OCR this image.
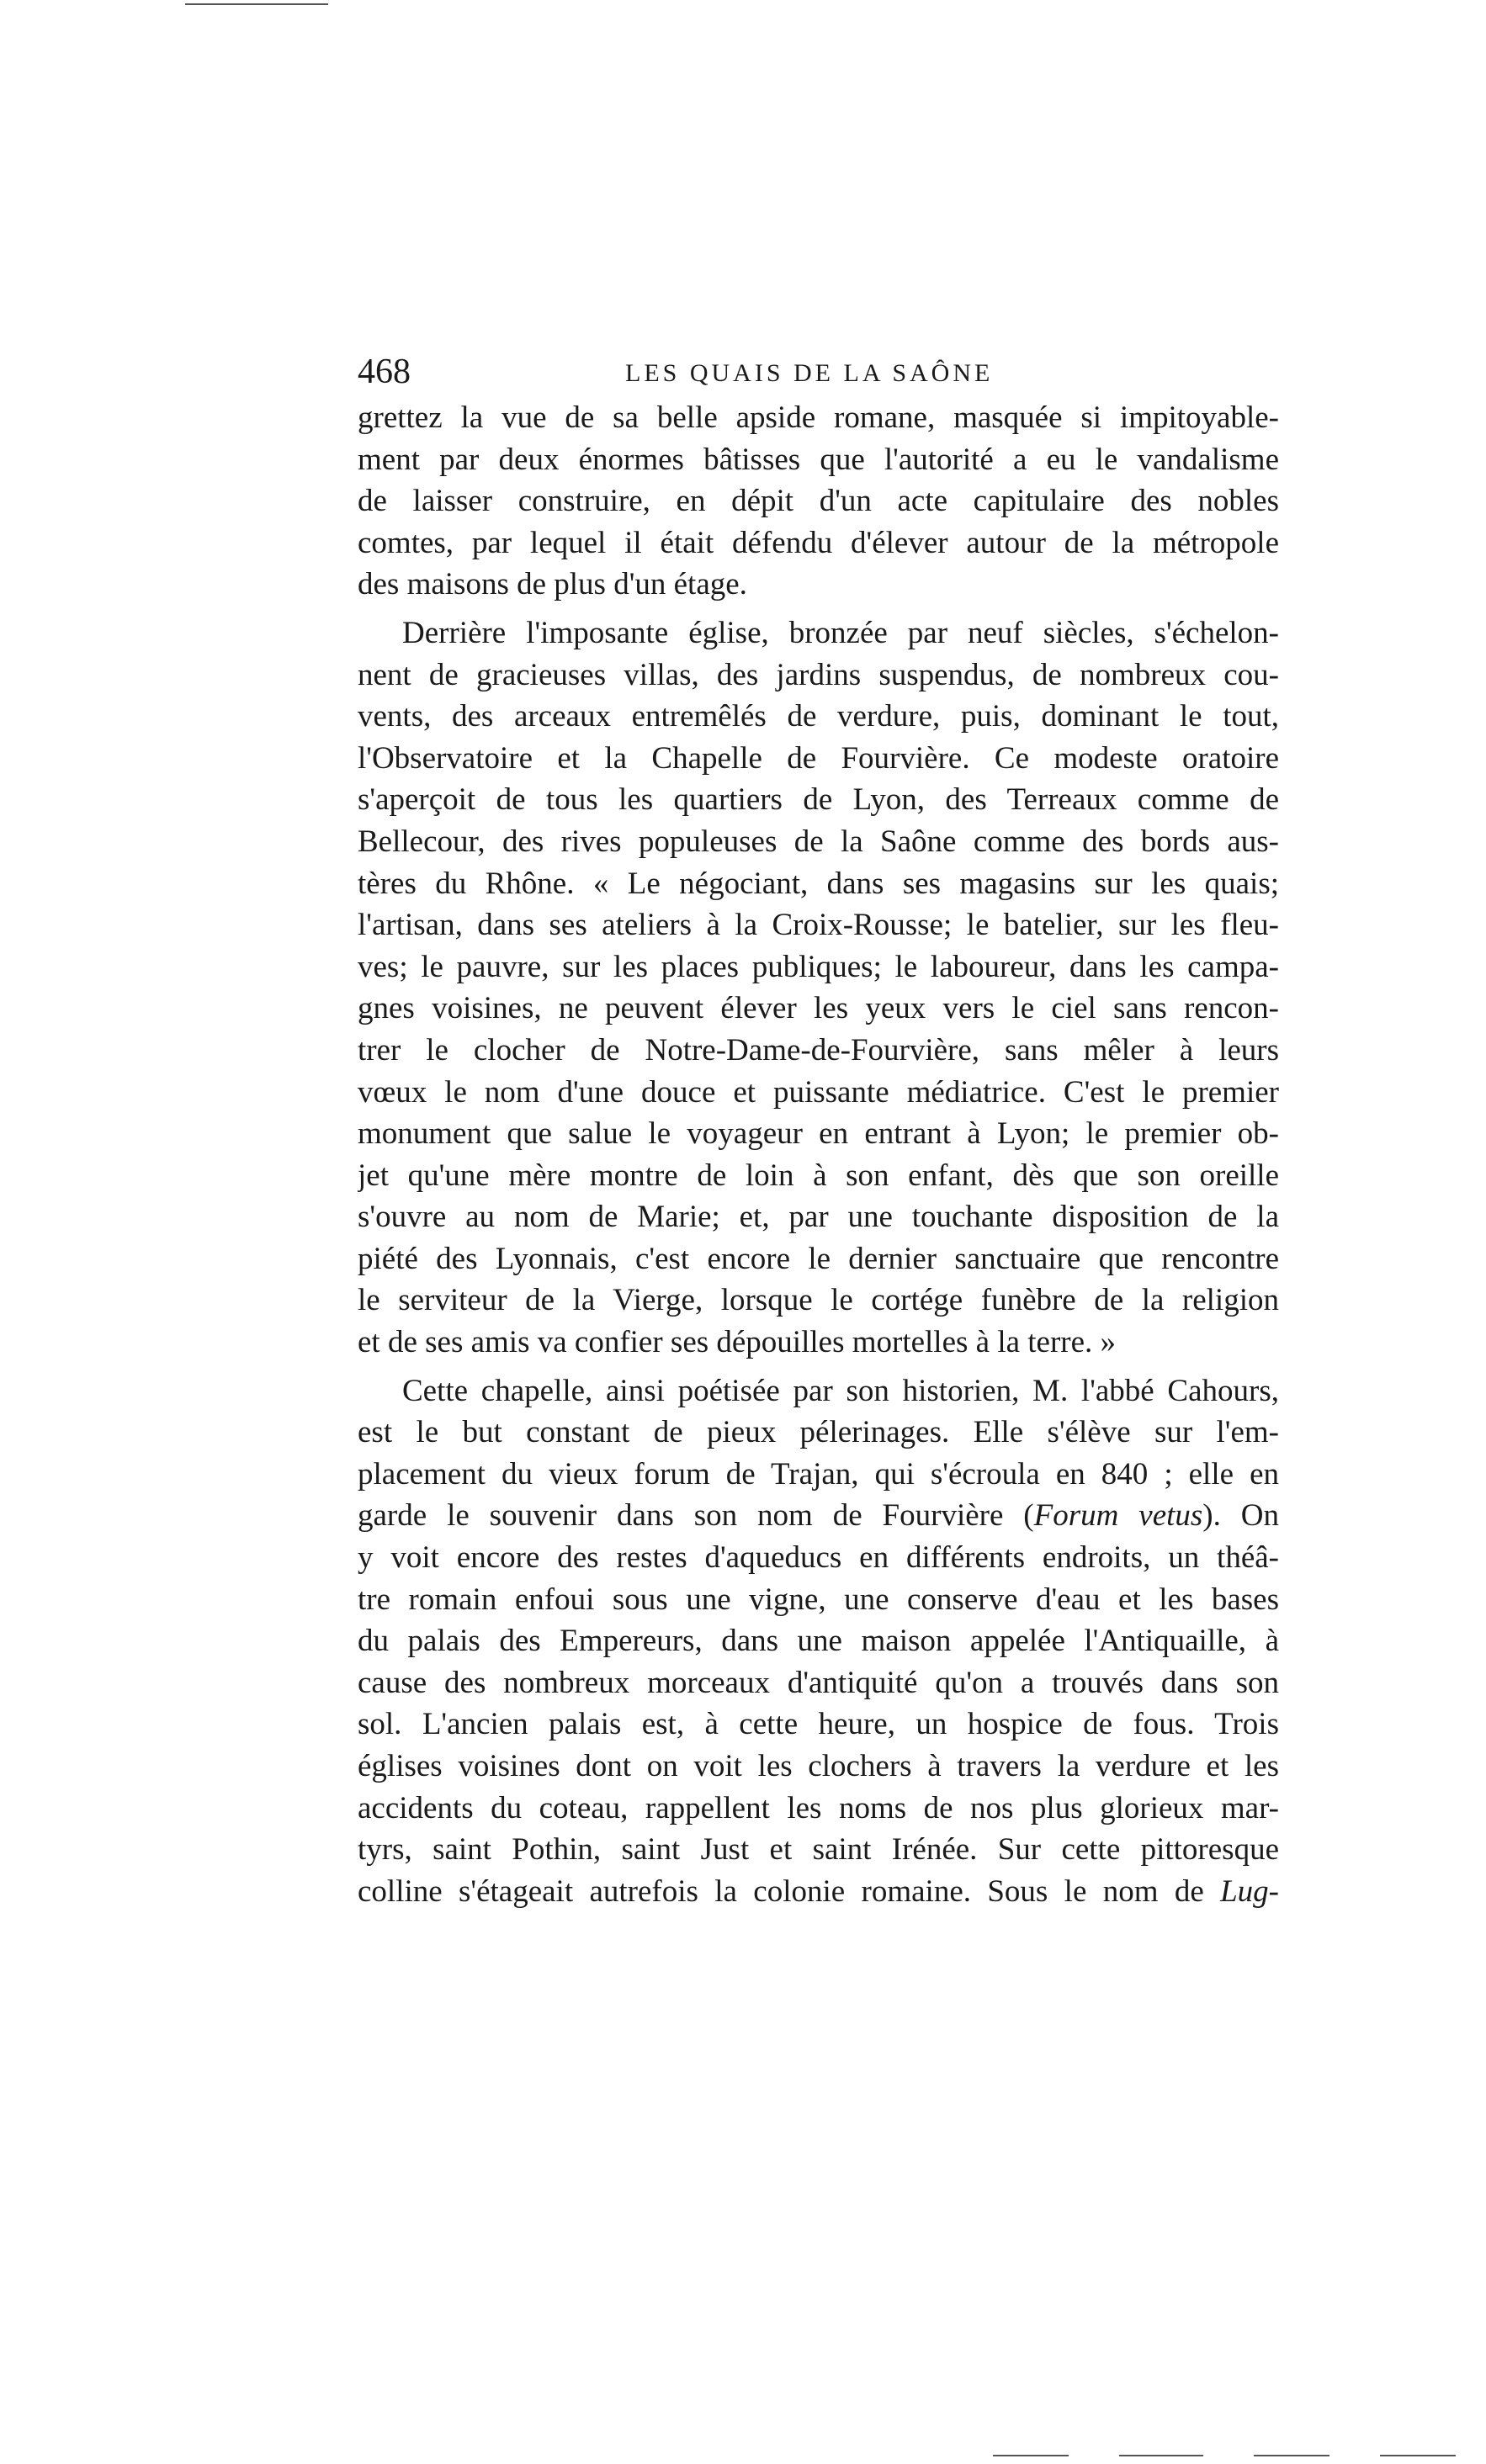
468	LES QUAIS DE LA SAÔNE
grettez la vue de sa belle apside romane, masquée si impitoyable-
ment par deux énormes bâtisses que l'autorité a eu le vandalisme
de laisser construire, en dépit d'un acte capitulaire des nobles
comtes, par lequel il était défendu d'élever autour de la métropole
des maisons de plus d'un étage.
Derrière l'imposante église, bronzée par neuf siècles, s'échelon-
nent de gracieuses villas, des jardins suspendus, de nombreux cou-
vents, des arceaux entremêlés de verdure, puis, dominant le tout,
l'Observatoire et la Chapelle de Fourvière. Ce modeste oratoire
s'aperçoit de tous les quartiers de Lyon, des Terreaux comme de
Bellecour, des rives populeuses de la Saône comme des bords aus-
tères du Rhône. « Le négociant, dans ses magasins sur les quais;
l'artisan, dans ses ateliers à la Croix-Rousse; le batelier, sur les fleu-
ves; le pauvre, sur les places publiques; le laboureur, dans les campa-
gnes voisines, ne peuvent élever les yeux vers le ciel sans rencon-
trer le clocher de Notre-Dame-de-Fourvière, sans mêler à leurs
vœux le nom d'une douce et puissante médiatrice. C'est le premier
monument que salue le voyageur en entrant à Lyon; le premier ob-
jet qu'une mère montre de loin à son enfant, dès que son oreille
s'ouvre au nom de Marie; et, par une touchante disposition de la
piété des Lyonnais, c'est encore le dernier sanctuaire que rencontre
le serviteur de la Vierge, lorsque le cortége funèbre de la religion
et de ses amis va confier ses dépouilles mortelles à la terre. »
Cette chapelle, ainsi poétisée par son historien, M. l'abbé Cahours,
est le but constant de pieux pélerinages. Elle s'élève sur l'em-
placement du vieux forum de Trajan, qui s'écroula en 840 ; elle en
garde le souvenir dans son nom de Fourvière (Forum vetus). On
y voit encore des restes d'aqueducs en différents endroits, un théâ-
tre romain enfoui sous une vigne, une conserve d'eau et les bases
du palais des Empereurs, dans une maison appelée l'Antiquaille, à
cause des nombreux morceaux d'antiquité qu'on a trouvés dans son
sol. L'ancien palais est, à cette heure, un hospice de fous. Trois
églises voisines dont on voit les clochers à travers la verdure et les
accidents du coteau, rappellent les noms de nos plus glorieux mar-
tyrs, saint Pothin, saint Just et saint Irénée. Sur cette pittoresque
colline s'étageait autrefois la colonie romaine. Sous le nom de Lug-
